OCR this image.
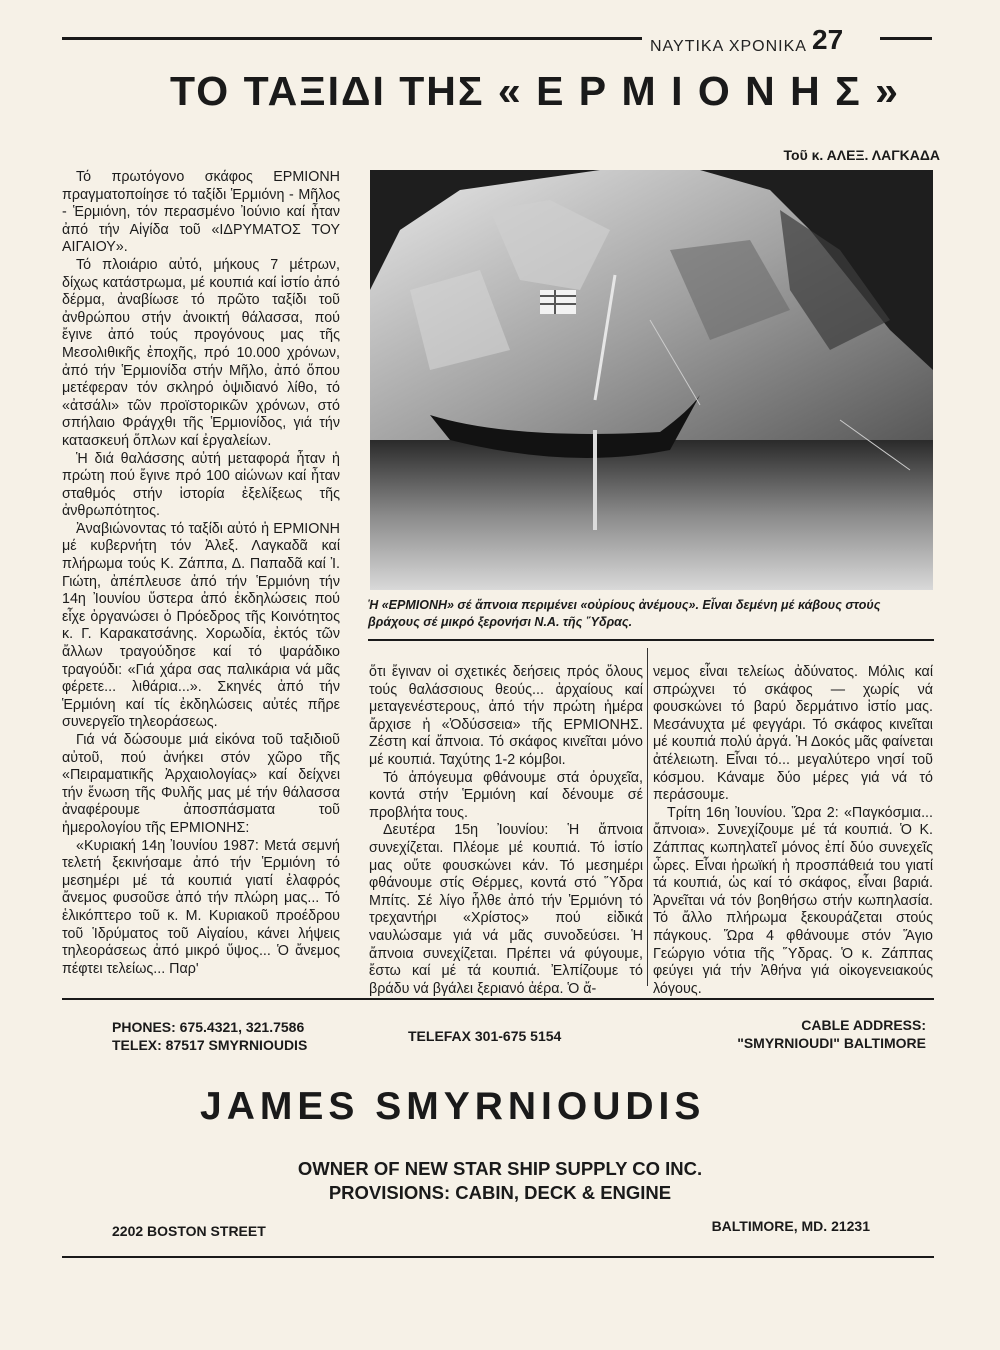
ΝΑΥΤΙΚΑ ΧΡΟΝΙΚΑ 27
ΤΟ ΤΑΞΙΔΙ ΤΗΣ « Ε Ρ Μ Ι Ο Ν Η Σ »
Τοῦ κ. ΑΛΕΞ. ΛΑΓΚΑΔΑ

Τό πρωτόγονο σκάφος ΕΡΜΙΟΝΗ πραγματοποίησε τό ταξίδι Ἑρμιόνη - Μῆλος - Ἑρμιόνη, τόν περασμένο Ἰούνιο καί ἦταν ἀπό τήν Αἰγίδα τοῦ «ΙΔΡΥΜΑΤΟΣ ΤΟΥ ΑΙΓΑΙΟΥ».

Τό πλοιάριο αὐτό, μήκους 7 μέτρων, δίχως κατάστρωμα, μέ κουπιά καί ἱστίο ἀπό δέρμα, ἀναβίωσε τό πρῶτο ταξίδι τοῦ ἀνθρώπου στήν ἀνοικτή θάλασσα, πού ἔγινε ἀπό τούς προγόνους μας τῆς Μεσολιθικῆς ἐποχῆς, πρό 10.000 χρόνων, ἀπό τήν Ἑρμιονίδα στήν Μῆλο, ἀπό ὅπου μετέφεραν τόν σκληρό ὀψιδιανό λίθο, τό «ἀτσάλι» τῶν προϊστορικῶν χρόνων, στό σπήλαιο Φράγχθι τῆς Ἑρμιονίδος, γιά τήν κατασκευή ὅπλων καί ἐργαλείων.

Ἡ διά θαλάσσης αὐτή μεταφορά ἦταν ἡ πρώτη πού ἔγινε πρό 100 αἰώνων καί ἦταν σταθμός στήν ἱστορία ἐξελίξεως τῆς ἀνθρωπότητος.

Ἀναβιώνοντας τό ταξίδι αὐτό ἡ ΕΡΜΙΟΝΗ μέ κυβερνήτη τόν Ἀλεξ. Λαγκαδᾶ καί πλήρωμα τούς Κ. Ζάππα, Δ. Παπαδᾶ καί Ἰ. Γιώτη, ἀπέπλευσε ἀπό τήν Ἑρμιόνη τήν 14η Ἰουνίου ὕστερα ἀπό ἐκδηλώσεις πού εἶχε ὀργανώσει ὁ Πρόεδρος τῆς Κοινότητος κ. Γ. Καρακατσάνης. Χορωδία, ἐκτός τῶν ἄλλων τραγούδησε καί τό ψαράδικο τραγούδι: «Γιά χάρα σας παλικάρια νά μᾶς φέρετε... λιθάρια...». Σκηνές ἀπό τήν Ἑρμιόνη καί τίς ἐκδηλώσεις αὐτές πῆρε συνεργεῖο τηλεοράσεως.

Γιά νά δώσουμε μιά εἰκόνα τοῦ ταξιδιοῦ αὐτοῦ, πού ἀνήκει στόν χῶρο τῆς «Πειραματικῆς Ἀρχαιολογίας» καί δείχνει τήν ἕνωση τῆς Φυλῆς μας μέ τήν θάλασσα ἀναφέρουμε ἀποσπάσματα τοῦ ἡμερολογίου τῆς ΕΡΜΙΟΝΗΣ:

«Κυριακή 14η Ἰουνίου 1987: Μετά σεμνή τελετή ξεκινήσαμε ἀπό τήν Ἑρμιόνη τό μεσημέρι μέ τά κουπιά γιατί ἐλαφρός ἄνεμος φυσοῦσε ἀπό τήν πλώρη μας... Τό ἑλικόπτερο τοῦ κ. Μ. Κυριακοῦ προέδρου τοῦ Ἱδρύματος τοῦ Αἰγαίου, κάνει λήψεις τηλεοράσεως ἀπό μικρό ὕψος... Ὁ ἄνεμος πέφτει τελείως... Παρ'

Ἡ «ΕΡΜΙΟΝΗ» σέ ἄπνοια περιμένει «οὐρίους ἀνέμους». Εἶναι δεμένη μέ κάβους στούς βράχους σέ μικρό ξερονήσι Ν.Α. τῆς Ὕδρας.

ὅτι ἔγιναν οἱ σχετικές δεήσεις πρός ὅλους τούς θαλάσσιους θεούς... ἀρχαίους καί μεταγενέστερους, ἀπό τήν πρώτη ἡμέρα ἄρχισε ἡ «Ὀδύσσεια» τῆς ΕΡΜΙΟΝΗΣ. Ζέστη καί ἄπνοια. Τό σκάφος κινεῖται μόνο μέ κουπιά. Ταχύτης 1-2 κόμβοι.

Τό ἀπόγευμα φθάνουμε στά ὀρυχεῖα, κοντά στήν Ἑρμιόνη καί δένουμε σέ προβλήτα τους.

Δευτέρα 15η Ἰουνίου: Ἡ ἄπνοια συνεχίζεται. Πλέομε μέ κουπιά. Τό ἱστίο μας οὔτε φουσκώνει κάν. Τό μεσημέρι φθάνουμε στίς Θέρμες, κοντά στό Ὕδρα Μπίτς. Σέ λίγο ἦλθε ἀπό τήν Ἑρμιόνη τό τρεχαντήρι «Χρίστος» πού εἰδικά ναυλώσαμε γιά νά μᾶς συνοδεύσει. Ἡ ἄπνοια συνεχίζεται. Πρέπει νά φύγουμε, ἔστω καί μέ τά κουπιά. Ἐλπίζουμε τό βράδυ νά βγάλει ξεριανό ἀέρα. Ὁ ἄ-

νεμος εἶναι τελείως ἀδύνατος. Μόλις καί σπρώχνει τό σκάφος — χωρίς νά φουσκώνει τό βαρύ δερμάτινο ἱστίο μας. Μεσάνυχτα μέ φεγγάρι. Τό σκάφος κινεῖται μέ κουπιά πολύ ἀργά. Ἡ Δοκός μᾶς φαίνεται ἀτέλειωτη. Εἶναι τό... μεγαλύτερο νησί τοῦ κόσμου. Κάναμε δύο μέρες γιά νά τό περάσουμε.

Τρίτη 16η Ἰουνίου. Ὥρα 2: «Παγκόσμια... ἄπνοια». Συνεχίζουμε μέ τά κουπιά. Ὁ Κ. Ζάππας κωπηλατεῖ μόνος ἐπί δύο συνεχεῖς ὧρες. Εἶναι ἡρωϊκή ἡ προσπάθειά του γιατί τά κουπιά, ὡς καί τό σκάφος, εἶναι βαριά. Ἀρνεῖται νά τόν βοηθήσω στήν κωπηλασία. Τό ἄλλο πλήρωμα ξεκουράζεται στούς πάγκους. Ὥρα 4 φθάνουμε στόν Ἅγιο Γεώργιο νότια τῆς Ὕδρας. Ὁ κ. Ζάππας φεύγει γιά τήν Ἀθήνα γιά οἰκογενειακούς λόγους.

PHONES: 675.4321, 321.7586
TELEX: 87517 SMYRNIOUDIS
TELEFAX 301-675 5154
CABLE ADDRESS:
"SMYRNIOUDI" BALTIMORE
JAMES SMYRNIOUDIS
OWNER OF NEW STAR SHIP SUPPLY CO INC.
PROVISIONS: CABIN, DECK & ENGINE
2202 BOSTON STREET	BALTIMORE, MD. 21231
